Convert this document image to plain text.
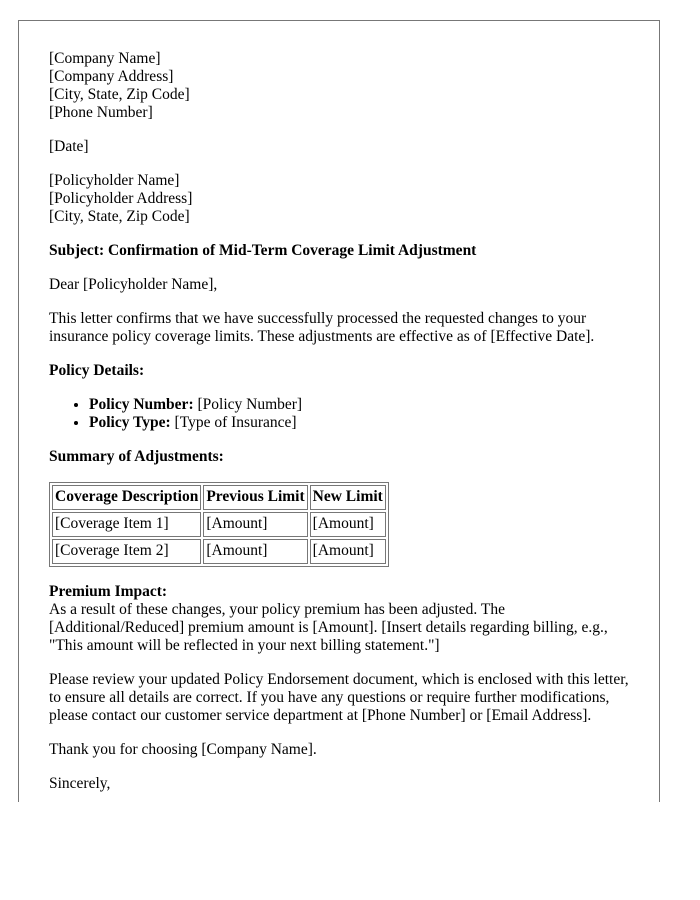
[Company Name]
[Company Address]
[City, State, Zip Code]
[Phone Number]
[Date]
[Policyholder Name]
[Policyholder Address]
[City, State, Zip Code]
Subject: Confirmation of Mid-Term Coverage Limit Adjustment
Dear [Policyholder Name],
This letter confirms that we have successfully processed the requested changes to your insurance policy coverage limits. These adjustments are effective as of [Effective Date].
Policy Details:
• Policy Number: [Policy Number]
• Policy Type: [Type of Insurance]
Summary of Adjustments:
Coverage Description	Previous Limit	New Limit
[Coverage Item 1]	[Amount]	[Amount]
[Coverage Item 2]	[Amount]	[Amount]
Premium Impact:
As a result of these changes, your policy premium has been adjusted. The [Additional/Reduced] premium amount is [Amount]. [Insert details regarding billing, e.g., "This amount will be reflected in your next billing statement."]
Please review your updated Policy Endorsement document, which is enclosed with this letter, to ensure all details are correct. If you have any questions or require further modifications, please contact our customer service department at [Phone Number] or [Email Address].
Thank you for choosing [Company Name].
Sincerely,
